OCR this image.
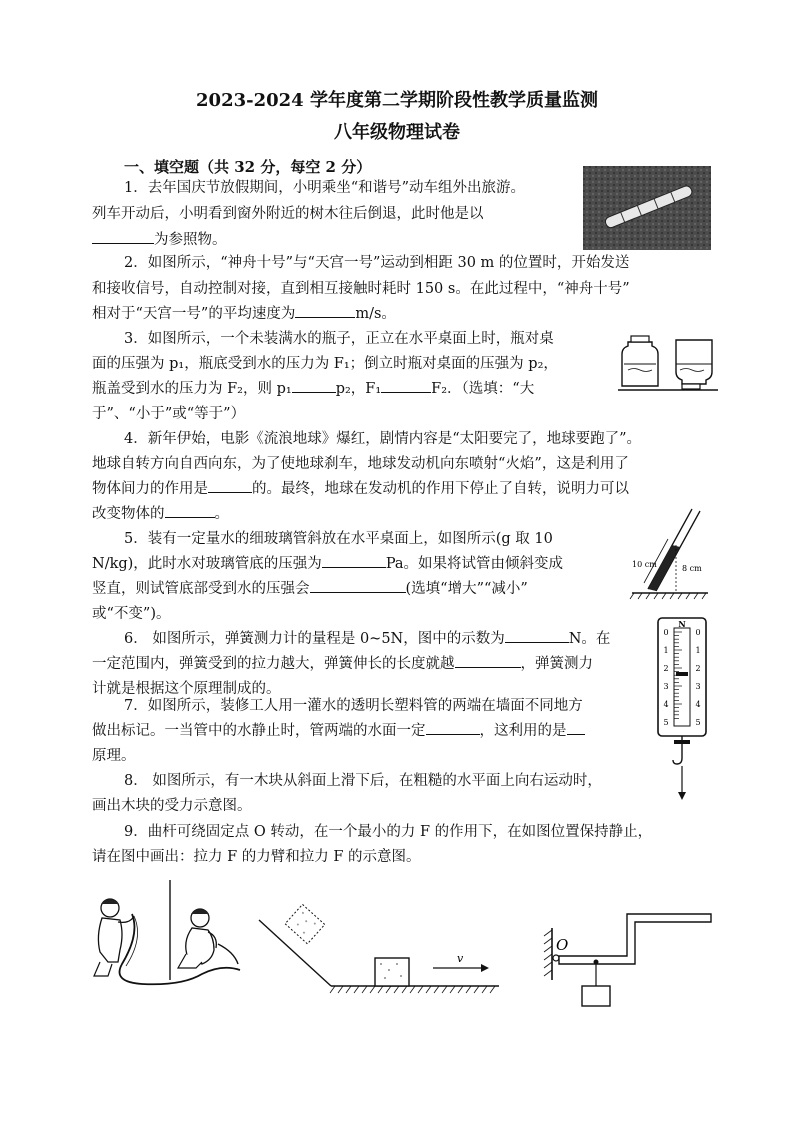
2023-2024 学年度第二学期阶段性教学质量监测
八年级物理试卷
一、填空题（共 32 分，每空 2 分）
1．去年国庆节放假期间，小明乘坐“和谐号”动车组外出旅游。
列车开动后，小明看到窗外附近的树木往后倒退，此时他是以
为参照物。
2．如图所示，“神舟十号”与“天宫一号”运动到相距 30 m 的位置时，开始发送
和接收信号，自动控制对接，直到相互接触时耗时 150 s。在此过程中，“神舟十号”
相对于“天宫一号”的平均速度为	m/s。
3．如图所示，一个未装满水的瓶子，正立在水平桌面上时，瓶对桌
面的压强为 p₁，瓶底受到水的压力为 F₁；倒立时瓶对桌面的压强为 p₂，
瓶盖受到水的压力为 F₂，则 p₁	p₂，F₁	F₂．（选填：“大
于”、“小于”或“等于”）
4．新年伊始，电影《流浪地球》爆红，剧情内容是“太阳要完了，地球要跑了”。
地球自转方向自西向东，为了使地球刹车，地球发动机向东喷射“火焰”，这是利用了
物体间力的作用是	的。最终，地球在发动机的作用下停止了自转，说明力可以
改变物体的	。
5．装有一定量水的细玻璃管斜放在水平桌面上，如图所示(g 取 10
N/kg)，此时水对玻璃管底的压强为	Pa。如果将试管由倾斜变成
竖直，则试管底部受到水的压强会	(选填“增大”“减小”
或“不变”)。
10 cm	8 cm
6． 如图所示，弹簧测力计的量程是 0~5N，图中的示数为	N。在
一定范围内，弹簧受到的拉力越大，弹簧伸长的长度就越	，弹簧测力
计就是根据这个原理制成的。
N
0	0
1	1
2	2
3	3
4	4
5	5
7．如图所示，装修工人用一灌水的透明长塑料管的两端在墙面不同地方
做出标记。一当管中的水静止时，管两端的水面一定	，这利用的是
原理。
8． 如图所示，有一木块从斜面上滑下后，在粗糙的水平面上向右运动时，
画出木块的受力示意图。
9．曲杆可绕固定点 O 转动，在一个最小的力 F 的作用下，在如图位置保持静止，
请在图中画出：拉力 F 的力臂和拉力 F 的示意图。
v
O
